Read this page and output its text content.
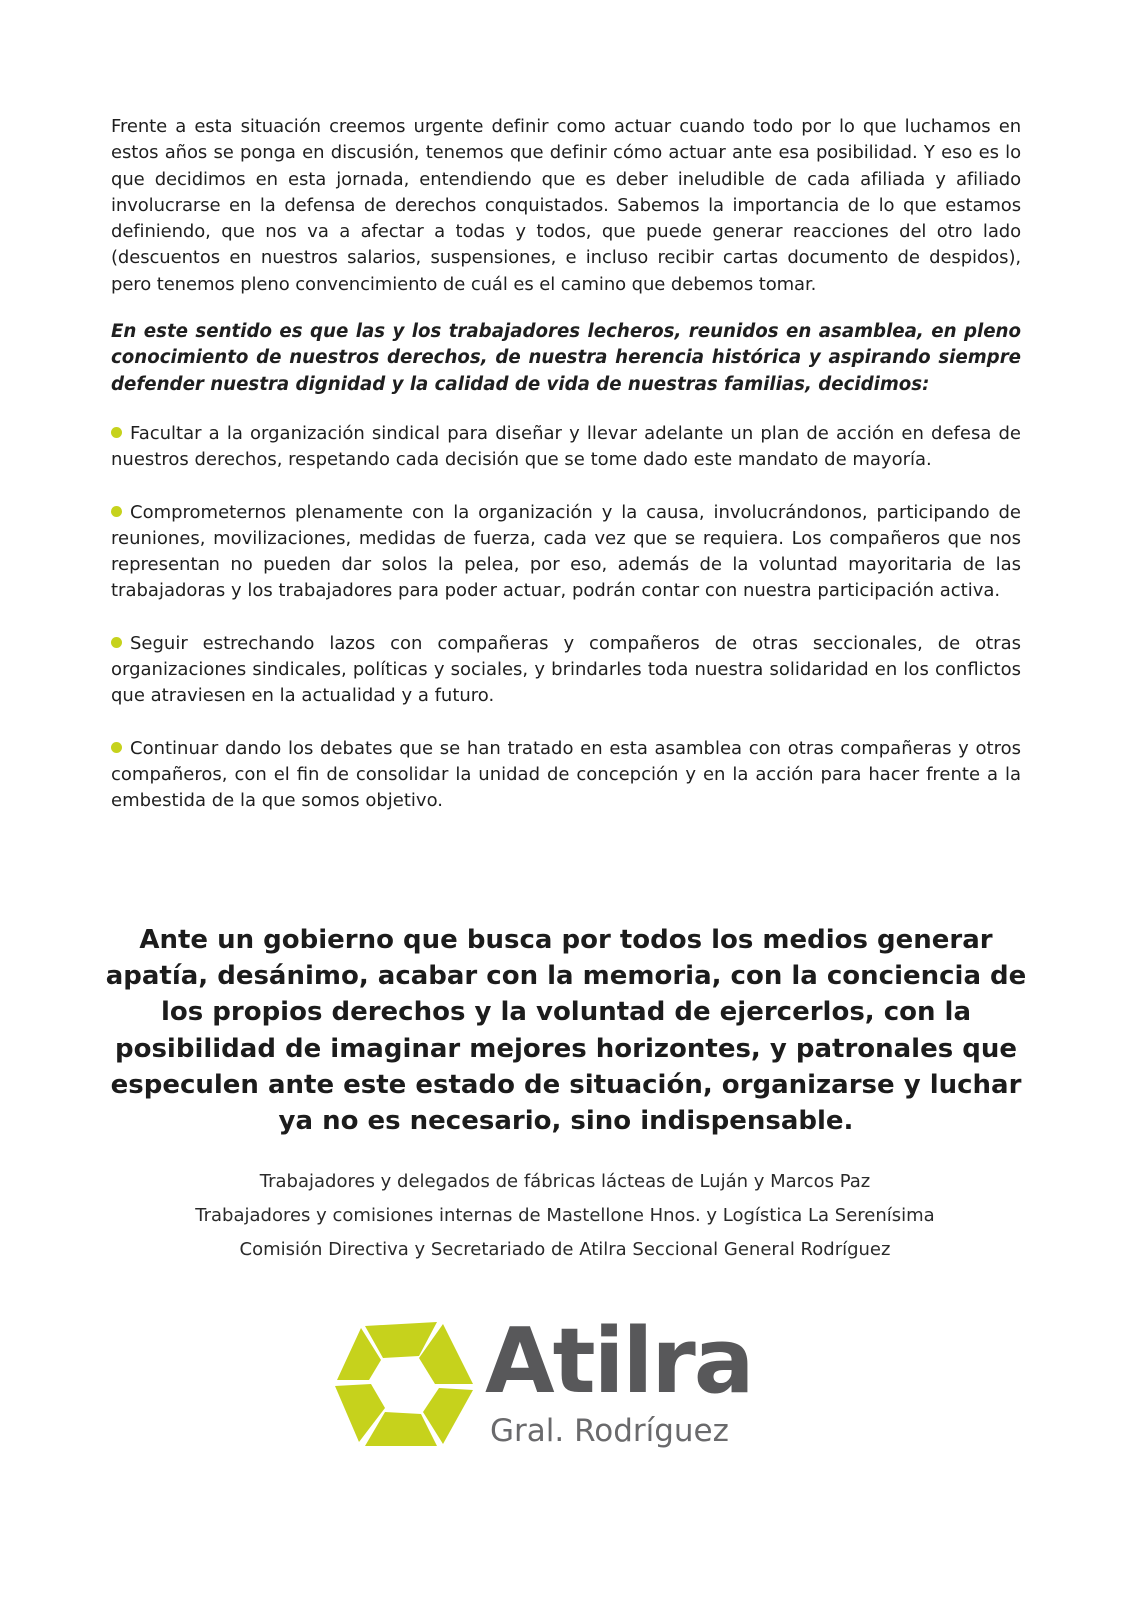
Frente a esta situación creemos urgente definir como actuar cuando todo por lo que luchamos en estos años se ponga en discusión, tenemos que definir cómo actuar ante esa posibilidad. Y eso es lo que decidimos en esta jornada, entendiendo que es deber ineludible de cada afiliada y afiliado involucrarse en la defensa de derechos conquistados. Sabemos la importancia de lo que estamos definiendo, que nos va a afectar a todas y todos, que puede generar reacciones del otro lado (descuentos en nuestros salarios, suspensiones, e incluso recibir cartas documento de despidos), pero tenemos pleno convencimiento de cuál es el camino que debemos tomar.

En este sentido es que las y los trabajadores lecheros, reunidos en asamblea, en pleno conocimiento de nuestros derechos, de nuestra herencia histórica y aspirando siempre defender nuestra dignidad y la calidad de vida de nuestras familias, decidimos:

Facultar a la organización sindical para diseñar y llevar adelante un plan de acción en defesa de nuestros derechos, respetando cada decisión que se tome dado este mandato de mayoría.
Comprometernos plenamente con la organización y la causa, involucrándonos, participando de reuniones, movilizaciones, medidas de fuerza, cada vez que se requiera. Los compañeros que nos representan no pueden dar solos la pelea, por eso, además de la voluntad mayoritaria de las trabajadoras y los trabajadores para poder actuar, podrán contar con nuestra participación activa.
Seguir estrechando lazos con compañeras y compañeros de otras seccionales, de otras organizaciones sindicales, políticas y sociales, y brindarles toda nuestra solidaridad en los conflictos que atraviesen en la actualidad y a futuro.
Continuar dando los debates que se han tratado en esta asamblea con otras compañeras y otros compañeros, con el fin de consolidar la unidad de concepción y en la acción para hacer frente a la embestida de la que somos objetivo.

Ante un gobierno que busca por todos los medios generar apatía, desánimo, acabar con la memoria, con la conciencia de los propios derechos y la voluntad de ejercerlos, con la posibilidad de imaginar mejores horizontes, y patronales que especulen ante este estado de situación, organizarse y luchar ya no es necesario, sino indispensable.

Trabajadores y delegados de fábricas lácteas de Luján y Marcos Paz
Trabajadores y comisiones internas de Mastellone Hnos. y Logística La Serenísima
Comisión Directiva y Secretariado de Atilra Seccional General Rodríguez
Atilra
Gral. Rodríguez
